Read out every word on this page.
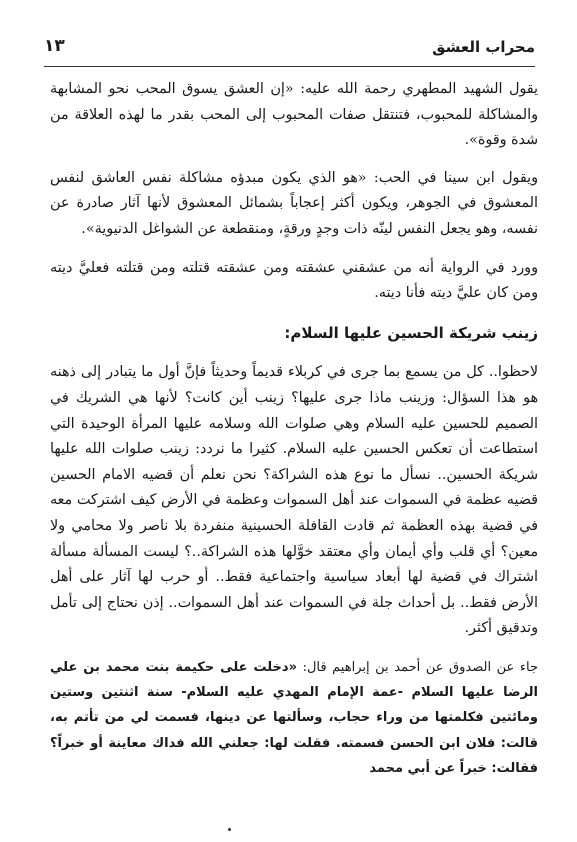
محراب العشق
١٣

يقول الشهيد المطهري رحمة الله عليه: «إن العشق يسوق المحب نحو المشابهة والمشاكلة للمحبوب، فتنتقل صفات المحبوب إلى المحب بقدر ما لهذه العلاقة من شدة وقوة».

ويقول ابن سينا في الحب: «هو الذي يكون مبدؤه مشاكلة نفس العاشق لنفس المعشوق في الجوهر، ويكون أكثر إعجاباً بشمائل المعشوق لأنها آثار صادرة عن نفسه، وهو يجعل النفس لينّه ذات وجدٍ ورقةٍ، ومنقطعة عن الشواغل الدنيوية».

وورد في الرواية أنه من عشقني عشقته ومن عشقته قتلته ومن قتلته فعليَّ ديته ومن كان عليَّ ديته فأنا ديته.

زينب شريكة الحسين عليها السلام:

لاحظوا.. كل من يسمع بما جرى في كربلاء قديماً وحديثاً فإنَّ أول ما يتبادر إلى ذهنه هو هذا السؤال: وزينب ماذا جرى عليها؟ زينب أين كانت؟ لأنها هي الشريك في الصميم للحسين عليه السلام وهي صلوات الله وسلامه عليها المرأة الوحيدة التي استطاعت أن تعكس الحسين عليه السلام. كثيرا ما نردد: زينب صلوات الله عليها شريكة الحسين.. نسأل ما نوع هذه الشراكة؟ نحن نعلم أن قضيه الامام الحسين قضيه عظمة في السموات عند أهل السموات وعظمة في الأرض كيف اشتركت معه في قضية بهذه العظمة ثم قادت القافلة الحسينية منفردة بلا ناصر ولا محامي ولا معين؟ أي قلب وأي أيمان وأي معتقد خوَّلها هذه الشراكة..؟ ليست المسألة مسألة اشتراك في قضية لها أبعاد سياسية واجتماعية فقط.. أو حرب لها آثار على أهل الأرض فقط.. بل أحداث جلة في السموات عند أهل السموات.. إذن نحتاج إلى تأمل وتدقيق أكثر.

جاء عن الصدوق عن أحمد بن إبراهيم قال: «دخلت على حكيمة بنت محمد بن علي الرضا عليها السلام -عمة الإمام المهدي عليه السلام- سنة اثنتين وستين ومائتين فكلمتها من وراء حجاب، وسألتها عن دينها، فسمت لي من تأتم به، قالت: فلان ابن الحسن فسمته. فقلت لها: جعلني الله فداك معاينة أو خبراً؟ فقالت: خبراً عن أبي محمد
